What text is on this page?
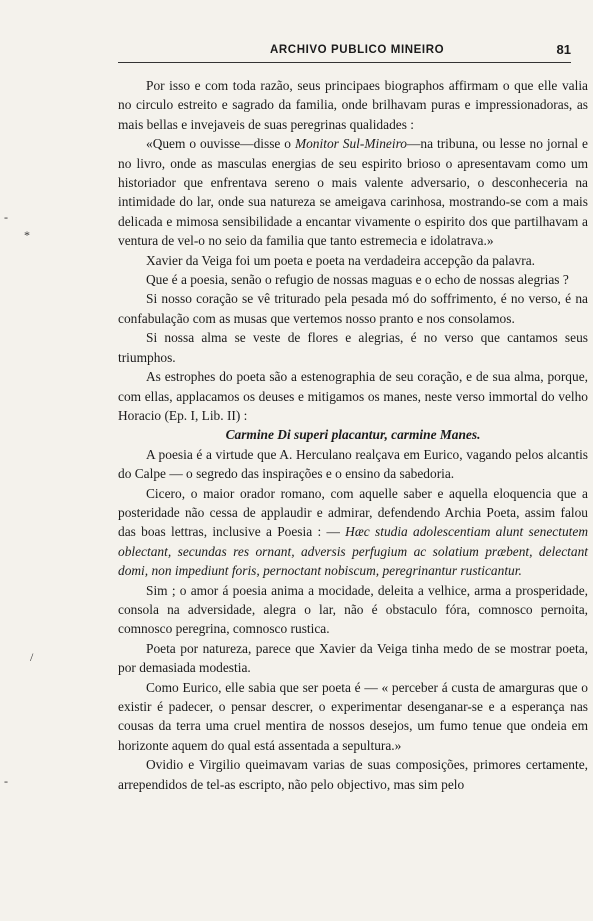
ARCHIVO PUBLICO MINEIRO	81
-
*
/
-

Por isso e com toda razão, seus principaes biographos affirmam o que elle valia no circulo estreito e sagrado da familia, onde brilhavam puras e impressionadoras, as mais bellas e invejaveis de suas peregrinas qualidades :

«Quem o ouvisse—disse o Monitor Sul-Mineiro—na tribuna, ou lesse no jornal e no livro, onde as masculas energias de seu espirito brioso o apresentavam como um historiador que enfrentava sereno o mais valente adversario, o desconheceria na intimidade do lar, onde sua natureza se ameigava carinhosa, mostrando-se com a mais delicada e mimosa sensibilidade a encantar vivamente o espirito dos que partilhavam a ventura de vel-o no seio da familia que tanto estremecia e idolatrava.»

Xavier da Veiga foi um poeta e poeta na verdadeira accepção da palavra.

Que é a poesia, senão o refugio de nossas maguas e o echo de nossas alegrias ?

Si nosso coração se vê triturado pela pesada mó do soffrimento, é no verso, é na confabulação com as musas que vertemos nosso pranto e nos consolamos.

Si nossa alma se veste de flores e alegrias, é no verso que cantamos seus triumphos.

As estrophes do poeta são a estenographia de seu coração, e de sua alma, porque, com ellas, applacamos os deuses e mitigamos os manes, neste verso immortal do velho Horacio (Ep. I, Lib. II) :

Carmine Di superi placantur, carmine Manes.

A poesia é a virtude que A. Herculano realçava em Eurico, vagando pelos alcantis do Calpe — o segredo das inspirações e o ensino da sabedoria.

Cicero, o maior orador romano, com aquelle saber e aquella eloquencia que a posteridade não cessa de applaudir e admirar, defendendo Archia Poeta, assim falou das boas lettras, inclusive a Poesia : — Hæc studia adolescentiam alunt senectutem oblectant, secundas res ornant, adversis perfugium ac solatium præbent, delectant domi, non impediunt foris, pernoctant nobiscum, peregrinantur rusticantur.

Sim ; o amor á poesia anima a mocidade, deleita a velhice, arma a prosperidade, consola na adversidade, alegra o lar, não é obstaculo fóra, comnosco pernoita, comnosco peregrina, comnosco rustica.

Poeta por natureza, parece que Xavier da Veiga tinha medo de se mostrar poeta, por demasiada modestia.

Como Eurico, elle sabia que ser poeta é — « perceber á custa de amarguras que o existir é padecer, o pensar descrer, o experimentar desenganar-se e a esperança nas cousas da terra uma cruel mentira de nossos desejos, um fumo tenue que ondeia em horizonte aquem do qual está assentada a sepultura.»

Ovidio e Virgilio queimavam varias de suas composições, primores certamente, arrependidos de tel-as escripto, não pelo objectivo, mas sim pelo
